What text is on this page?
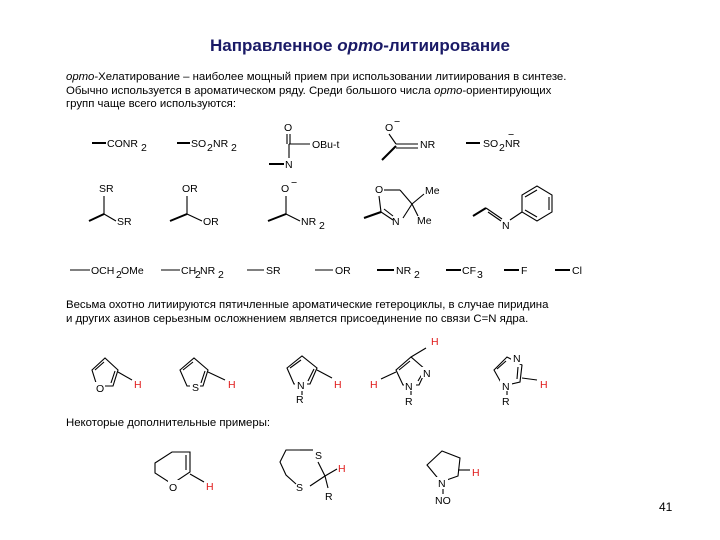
Направленное орто-литиирование
орто-Хелатирование – наиболее мощный прием при использовании литиирования в синтезе.
Обычно используется в ароматическом ряду. Среди большого числа орто-ориентирующих
групп чаще всего используются:
CONR 2	SO 2 NR 2
O
OBu-t
N
O −
NR	SO 2 NR
−
SR
SR
OR
OR
O −
NR 2
O
N
Me
Me	N
OCH 2 OMe	CH
2 NR 2	SR	OR	NR 2	CF 3	F	Cl
O	H	S	H	N
R
H	N
N
R
H
H
N
N
R
H
O	H
S
S
H
R
N
NO
H
Весьма охотно литиируются пятичленные ароматические гетероциклы, в случае пиридина
и других азинов серьезным осложнением является присоединение по связи C=N ядра.
Некоторые дополнительные примеры:
41
